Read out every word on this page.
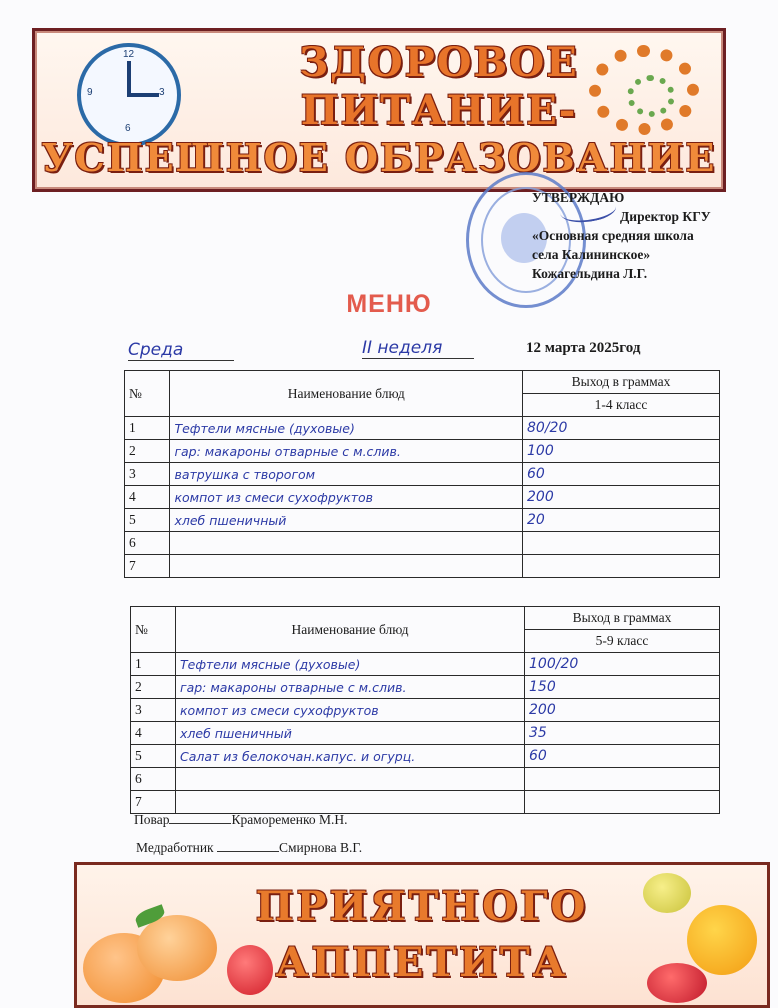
12
3
6
9
ЗДОРОВОЕ
ПИТАНИЕ-
УСПЕШНОЕ ОБРАЗОВАНИЕ
УТВЕРЖДАЮ
Директор КГУ
«Основная средняя школа
села Калининское»
Кожагельдина Л.Г.
МЕНЮ
Среда	II неделя	12 марта 2025год
№	Наименование блюд	Выход в граммах
		1-4 класс
1	Тефтели мясные (духовые)	80/20
2	гар: макароны отварные с м.слив.	100
3	ватрушка с творогом	60
4	компот из смеси сухофруктов	200
5	хлеб пшеничный	20
6		
7		
№	Наименование блюд	Выход в граммах
		5-9 класс
1	Тефтели мясные (духовые)	100/20
2	гар: макароны отварные с м.слив.	150
3	компот из смеси сухофруктов	200
4	хлеб пшеничный	35
5	Салат из белокочан.капус. и огурц.	60
6		
7		
Повар	Крамоременко М.Н.
Медработник	Смирнова В.Г.
ПРИЯТНОГО
АППЕТИТА
